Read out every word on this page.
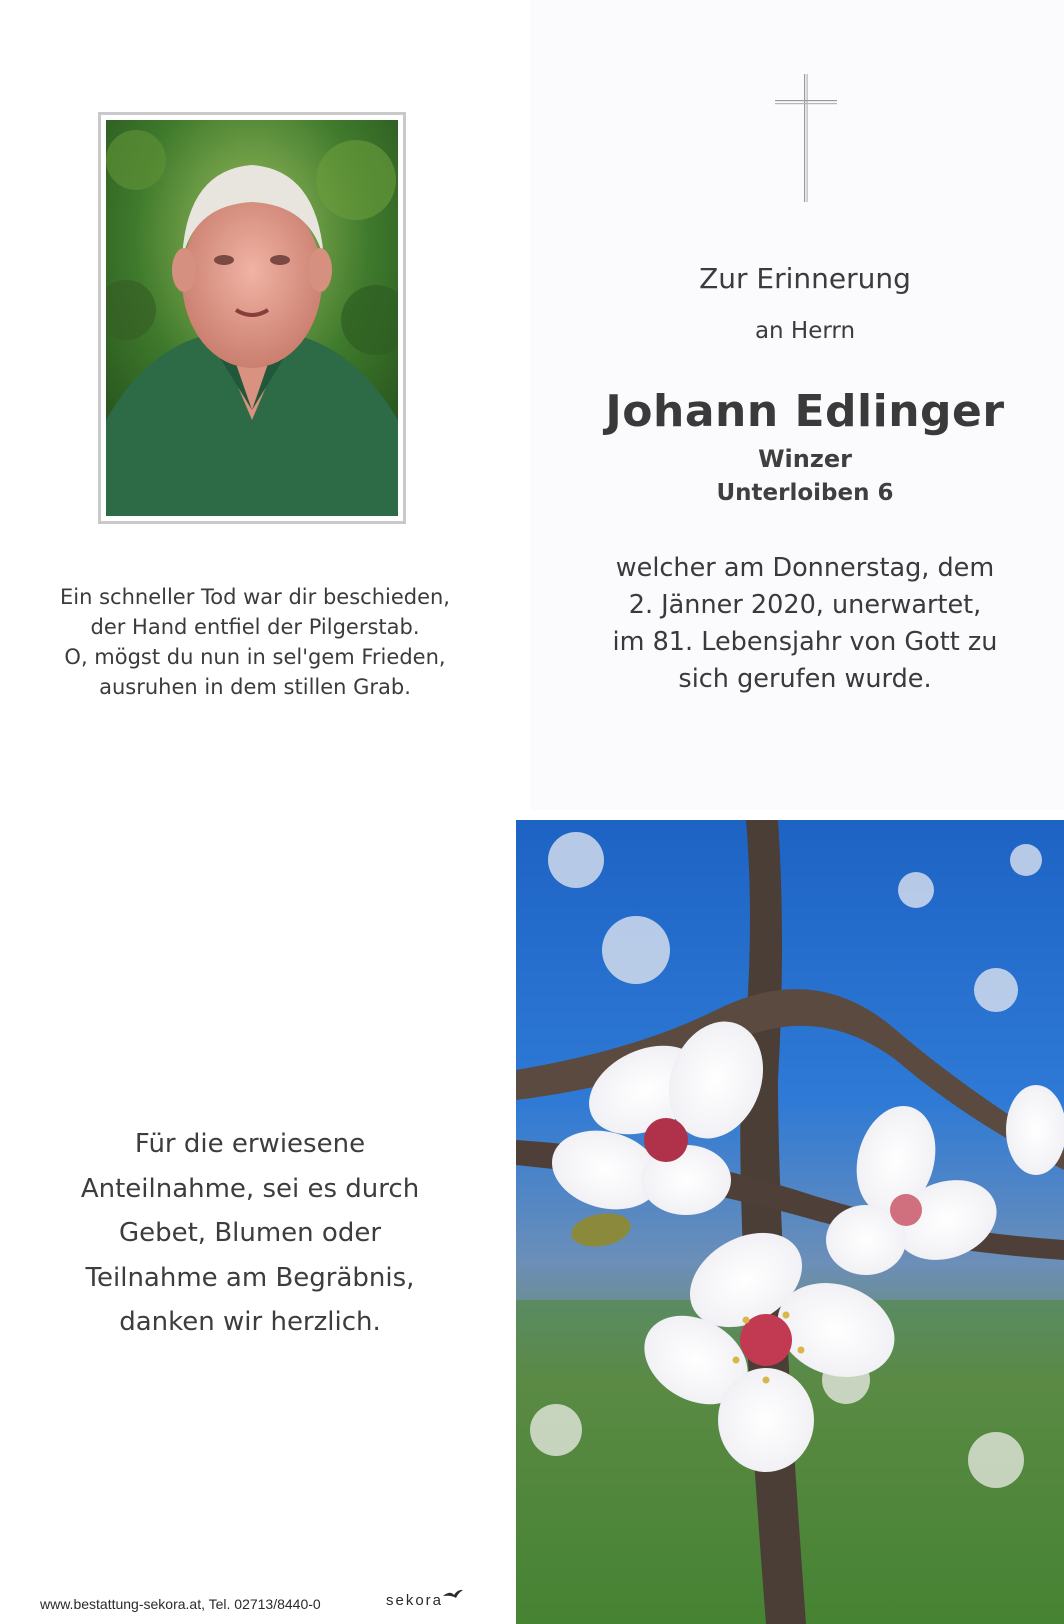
Ein schneller Tod war dir beschieden,
der Hand entfiel der Pilgerstab.
O, mögst du nun in sel'gem Frieden,
ausruhen in dem stillen Grab.
Zur Erinnerung
an Herrn
Johann Edlinger
Winzer
Unterloiben 6
welcher am Donnerstag, dem
2. Jänner 2020, unerwartet,
im 81. Lebensjahr von Gott zu
sich gerufen wurde.
Für die erwiesene
Anteilnahme, sei es durch
Gebet, Blumen oder
Teilnahme am Begräbnis,
danken wir herzlich.
www.bestattung-sekora.at, Tel. 02713/8440-0	sekora
